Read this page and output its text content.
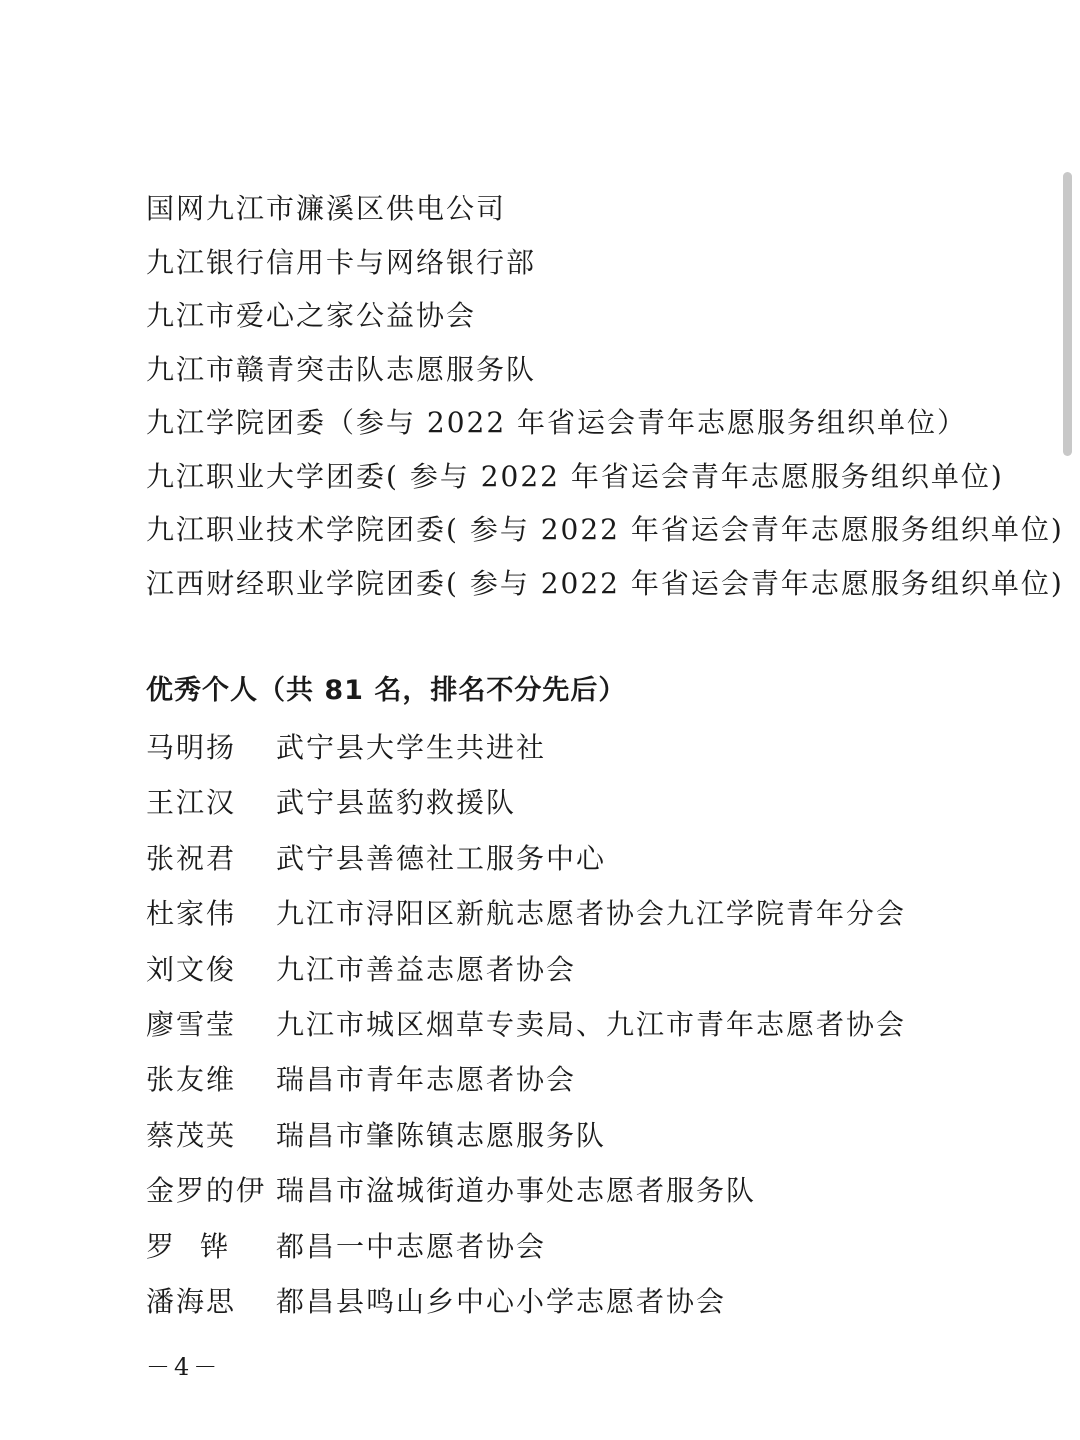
国网九江市濂溪区供电公司
九江银行信用卡与网络银行部
九江市爱心之家公益协会
九江市赣青突击队志愿服务队
九江学院团委（参与 2022 年省运会青年志愿服务组织单位）
九江职业大学团委( 参与 2022 年省运会青年志愿服务组织单位)
九江职业技术学院团委( 参与 2022 年省运会青年志愿服务组织单位)
江西财经职业学院团委( 参与 2022 年省运会青年志愿服务组织单位)
优秀个人（共 81 名，排名不分先后）
马明扬	武宁县大学生共进社
王江汉	武宁县蓝豹救援队
张祝君	武宁县善德社工服务中心
杜家伟	九江市浔阳区新航志愿者协会九江学院青年分会
刘文俊	九江市善益志愿者协会
廖雪莹	九江市城区烟草专卖局、九江市青年志愿者协会
张友维	瑞昌市青年志愿者协会
蔡茂英	瑞昌市肇陈镇志愿服务队
金罗的伊 瑞昌市湓城街道办事处志愿者服务队
罗铧 都昌一中志愿者协会
潘海思	都昌县鸣山乡中心小学志愿者协会
－4－
